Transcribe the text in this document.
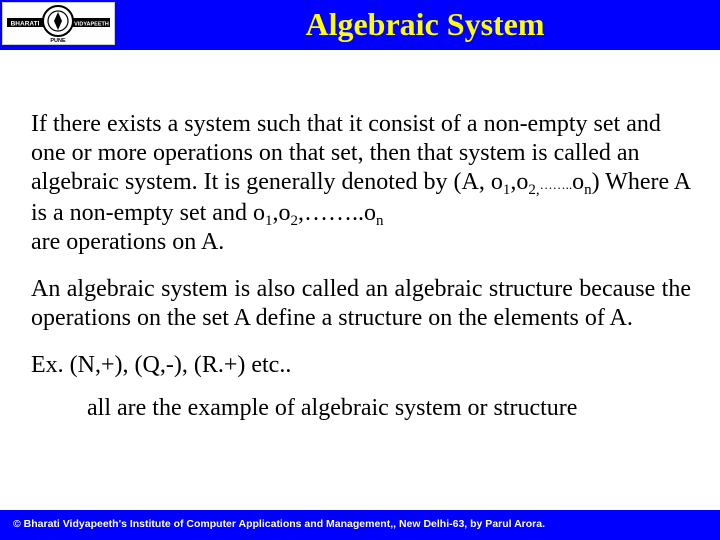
BHARATI	VIDYAPEETH
PUNE	Algebraic System

If there exists a system such that it consist of a non-empty set and one or more operations on that set, then that system is called an algebraic system. It is generally denoted by (A, $o_1,o_{2,}\dots\dots..o_n$) Where A is a non-empty set and $o_1,o_2,\dots\dots..o_n$
are operations on A.

An algebraic system is also called an algebraic structure because the operations on the set A define a structure on the elements of A.

Ex. (N,+), (Q,-), (R.+) etc..

all are the example of algebraic system or structure

© Bharati Vidyapeeth's Institute of Computer Applications and Management,, New Delhi-63, by Parul Arora.
